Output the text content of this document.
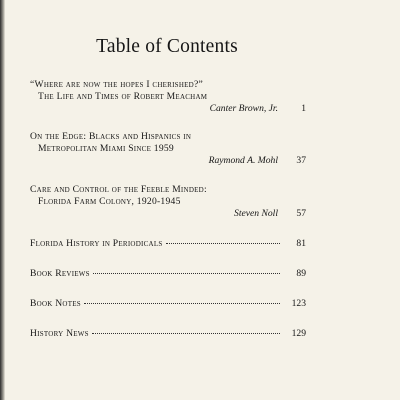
Table of Contents
“Where are now the hopes I cherished?”
The Life and Times of Robert Meacham
Canter Brown, Jr.	1
On the Edge: Blacks and Hispanics in
Metropolitan Miami Since 1959
Raymond A. Mohl	37
Care and Control of the Feeble Minded:
Florida Farm Colony, 1920-1945
Steven Noll	57
Florida History in Periodicals	81
Book Reviews	89
Book Notes	123
History News	129
